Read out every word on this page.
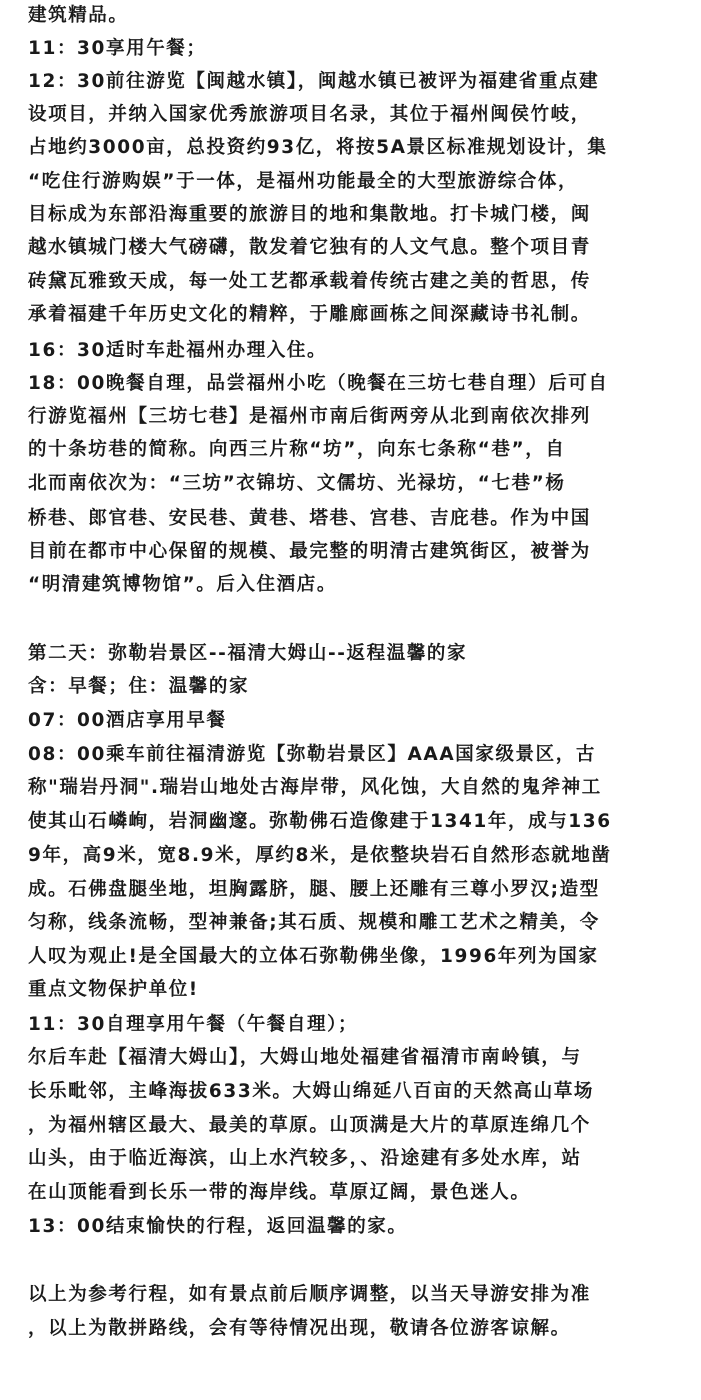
建筑精品。
11：30享用午餐；
12：30前往游览【闽越水镇】，闽越水镇已被评为福建省重点建
设项目，并纳入国家优秀旅游项目名录，其位于福州闽侯竹岐，
占地约3000亩，总投资约93亿，将按5A景区标准规划设计，集
“吃住行游购娱”于一体，是福州功能最全的大型旅游综合体，
目标成为东部沿海重要的旅游目的地和集散地。打卡城门楼，闽
越水镇城门楼大气磅礴，散发着它独有的人文气息。整个项目青
砖黛瓦雅致天成，每一处工艺都承载着传统古建之美的哲思，传
承着福建千年历史文化的精粹，于雕廊画栋之间深藏诗书礼制。
16：30适时车赴福州办理入住。
18：00晚餐自理，品尝福州小吃（晚餐在三坊七巷自理）后可自
行游览福州【三坊七巷】是福州市南后街两旁从北到南依次排列
的十条坊巷的简称。向西三片称“坊”，向东七条称“巷”，自
北而南依次为：“三坊”衣锦坊、文儒坊、光禄坊，“七巷”杨
桥巷、郎官巷、安民巷、黄巷、塔巷、宫巷、吉庇巷。作为中国
目前在都市中心保留的规模、最完整的明清古建筑街区，被誉为
“明清建筑博物馆”。后入住酒店。
第二天：弥勒岩景区--福清大姆山--返程温馨的家
含：早餐；住：温馨的家
07：00酒店享用早餐
08：00乘车前往福清游览【弥勒岩景区】AAA国家级景区，古
称"瑞岩丹洞".瑞岩山地处古海岸带，风化蚀，大自然的鬼斧神工
使其山石嶙峋，岩洞幽邃。弥勒佛石造像建于1341年，成与136
9年，高9米，宽8.9米，厚约8米，是依整块岩石自然形态就地凿
成。石佛盘腿坐地，坦胸露脐，腿、腰上还雕有三尊小罗汉;造型
匀称，线条流畅，型神兼备;其石质、规模和雕工艺术之精美，令
人叹为观止!是全国最大的立体石弥勒佛坐像，1996年列为国家
重点文物保护单位!
11：30自理享用午餐（午餐自理）；
尔后车赴【福清大姆山】，大姆山地处福建省福清市南岭镇，与
长乐毗邻，主峰海拔633米。大姆山绵延八百亩的天然高山草场
，为福州辖区最大、最美的草原。山顶满是大片的草原连绵几个
山头，由于临近海滨，山上水汽较多，、沿途建有多处水库，站
在山顶能看到长乐一带的海岸线。草原辽阔，景色迷人。
13：00结束愉快的行程，返回温馨的家。
以上为参考行程，如有景点前后顺序调整，以当天导游安排为准
，以上为散拼路线，会有等待情况出现，敬请各位游客谅解。
